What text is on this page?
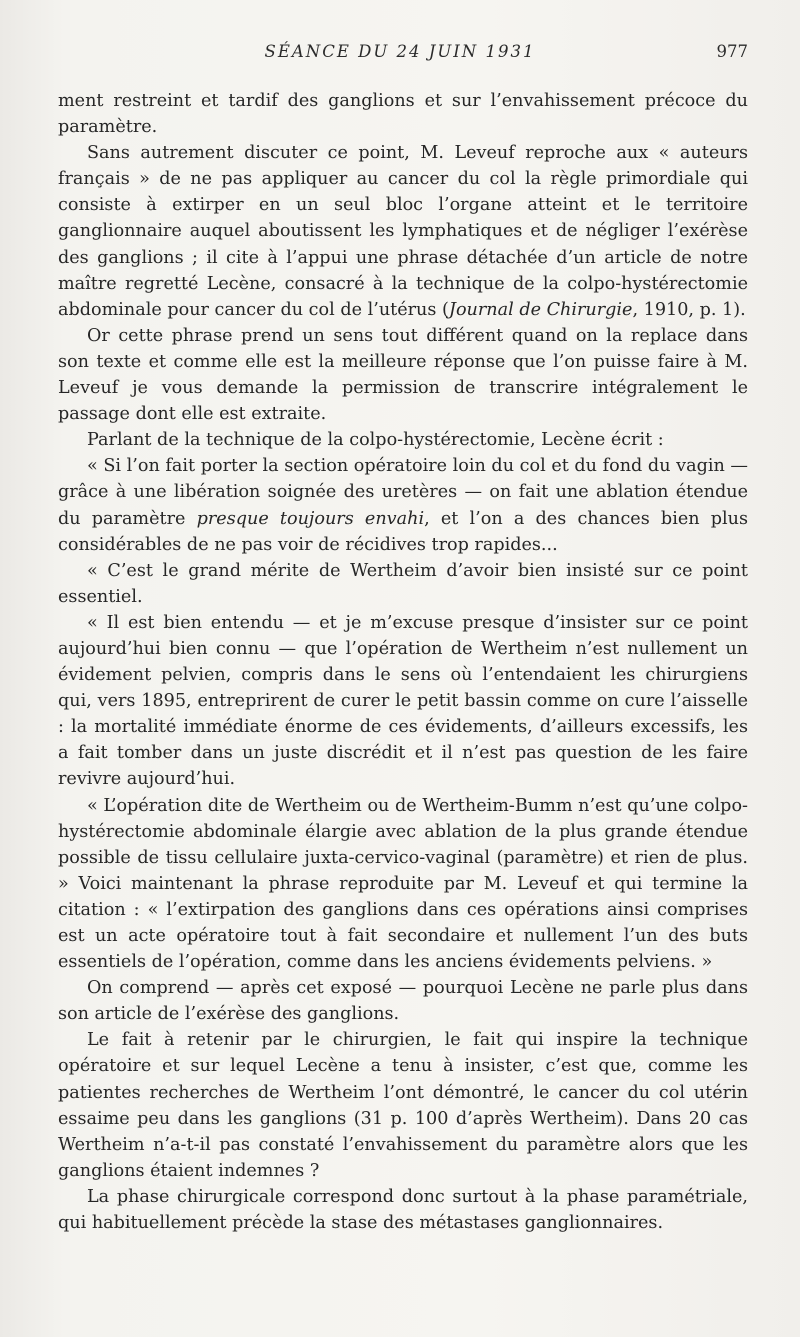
SÉANCE DU 24 JUIN 1931	977

ment restreint et tardif des ganglions et sur l’envahissement précoce du paramètre.

Sans autrement discuter ce point, M. Leveuf reproche aux « auteurs français » de ne pas appliquer au cancer du col la règle primordiale qui consiste à extirper en un seul bloc l’organe atteint et le territoire ganglionnaire auquel aboutissent les lymphatiques et de négliger l’exérèse des ganglions ; il cite à l’appui une phrase détachée d’un article de notre maître regretté Lecène, consacré à la technique de la colpo-hystérectomie abdominale pour cancer du col de l’utérus (Journal de Chirurgie, 1910, p. 1).

Or cette phrase prend un sens tout différent quand on la replace dans son texte et comme elle est la meilleure réponse que l’on puisse faire à M. Leveuf je vous demande la permission de transcrire intégralement le passage dont elle est extraite.

Parlant de la technique de la colpo-hystérectomie, Lecène écrit :

« Si l’on fait porter la section opératoire loin du col et du fond du vagin — grâce à une libération soignée des uretères — on fait une ablation étendue du paramètre presque toujours envahi, et l’on a des chances bien plus considérables de ne pas voir de récidives trop rapides...

« C’est le grand mérite de Wertheim d’avoir bien insisté sur ce point essentiel.

« Il est bien entendu — et je m’excuse presque d’insister sur ce point aujourd’hui bien connu — que l’opération de Wertheim n’est nullement un évidement pelvien, compris dans le sens où l’entendaient les chirurgiens qui, vers 1895, entreprirent de curer le petit bassin comme on cure l’aisselle : la mortalité immédiate énorme de ces évidements, d’ailleurs excessifs, les a fait tomber dans un juste discrédit et il n’est pas question de les faire revivre aujourd’hui.

« L’opération dite de Wertheim ou de Wertheim-Bumm n’est qu’une colpo-hystérectomie abdominale élargie avec ablation de la plus grande étendue possible de tissu cellulaire juxta-cervico-vaginal (paramètre) et rien de plus. » Voici maintenant la phrase reproduite par M. Leveuf et qui termine la citation : « l’extirpation des ganglions dans ces opérations ainsi comprises est un acte opératoire tout à fait secondaire et nullement l’un des buts essentiels de l’opération, comme dans les anciens évidements pelviens. »

On comprend — après cet exposé — pourquoi Lecène ne parle plus dans son article de l’exérèse des ganglions.

Le fait à retenir par le chirurgien, le fait qui inspire la technique opératoire et sur lequel Lecène a tenu à insister, c’est que, comme les patientes recherches de Wertheim l’ont démontré, le cancer du col utérin essaime peu dans les ganglions (31 p. 100 d’après Wertheim). Dans 20 cas Wertheim n’a-t-il pas constaté l’envahissement du paramètre alors que les ganglions étaient indemnes ?

La phase chirurgicale correspond donc surtout à la phase paramétriale, qui habituellement précède la stase des métastases ganglionnaires.
